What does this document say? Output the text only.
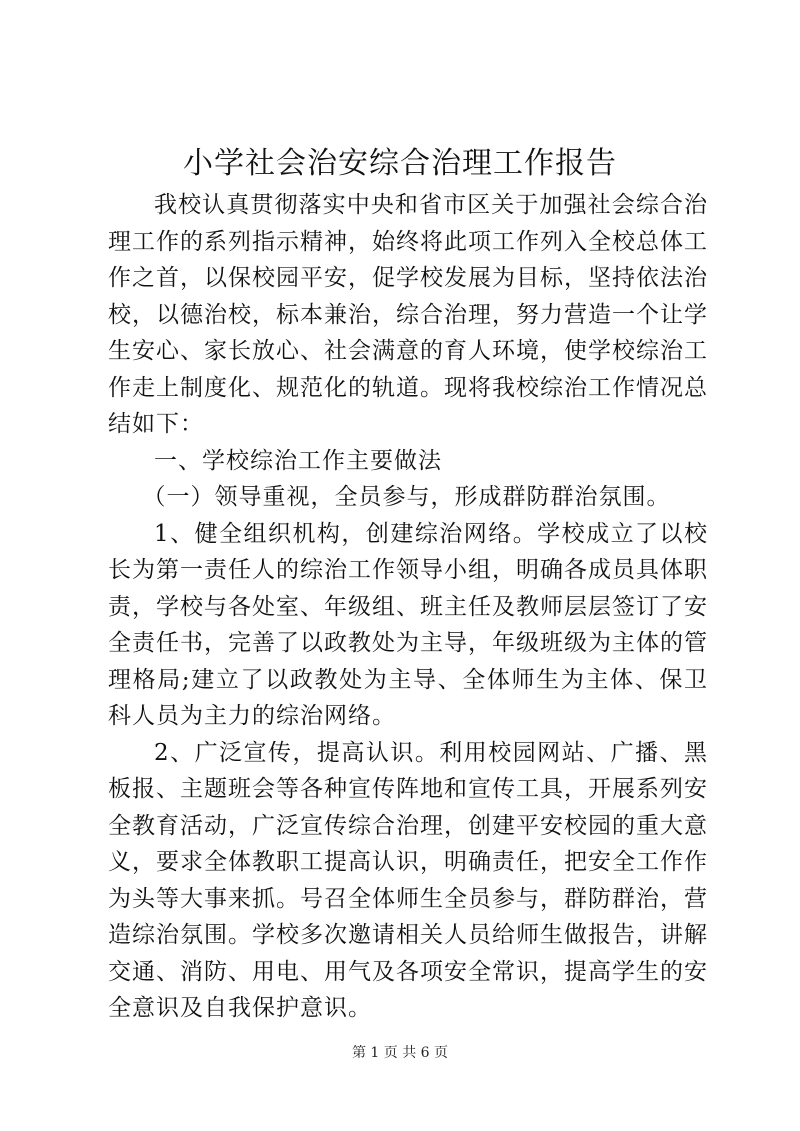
小学社会治安综合治理工作报告

我校认真贯彻落实中央和省市区关于加强社会综合治理工作的系列指示精神，始终将此项工作列入全校总体工作之首，以保校园平安，促学校发展为目标，坚持依法治校，以德治校，标本兼治，综合治理，努力营造一个让学生安心、家长放心、社会满意的育人环境，使学校综治工作走上制度化、规范化的轨道。现将我校综治工作情况总结如下：

一、学校综治工作主要做法

（一）领导重视，全员参与，形成群防群治氛围。

1、健全组织机构，创建综治网络。学校成立了以校长为第一责任人的综治工作领导小组，明确各成员具体职责，学校与各处室、年级组、班主任及教师层层签订了安全责任书，完善了以政教处为主导，年级班级为主体的管理格局;建立了以政教处为主导、全体师生为主体、保卫科人员为主力的综治网络。

2、广泛宣传，提高认识。利用校园网站、广播、黑板报、主题班会等各种宣传阵地和宣传工具，开展系列安全教育活动，广泛宣传综合治理，创建平安校园的重大意义，要求全体教职工提高认识，明确责任，把安全工作作为头等大事来抓。号召全体师生全员参与，群防群治，营造综治氛围。学校多次邀请相关人员给师生做报告，讲解交通、消防、用电、用气及各项安全常识，提高学生的安全意识及自我保护意识。

第 1 页 共 6 页
